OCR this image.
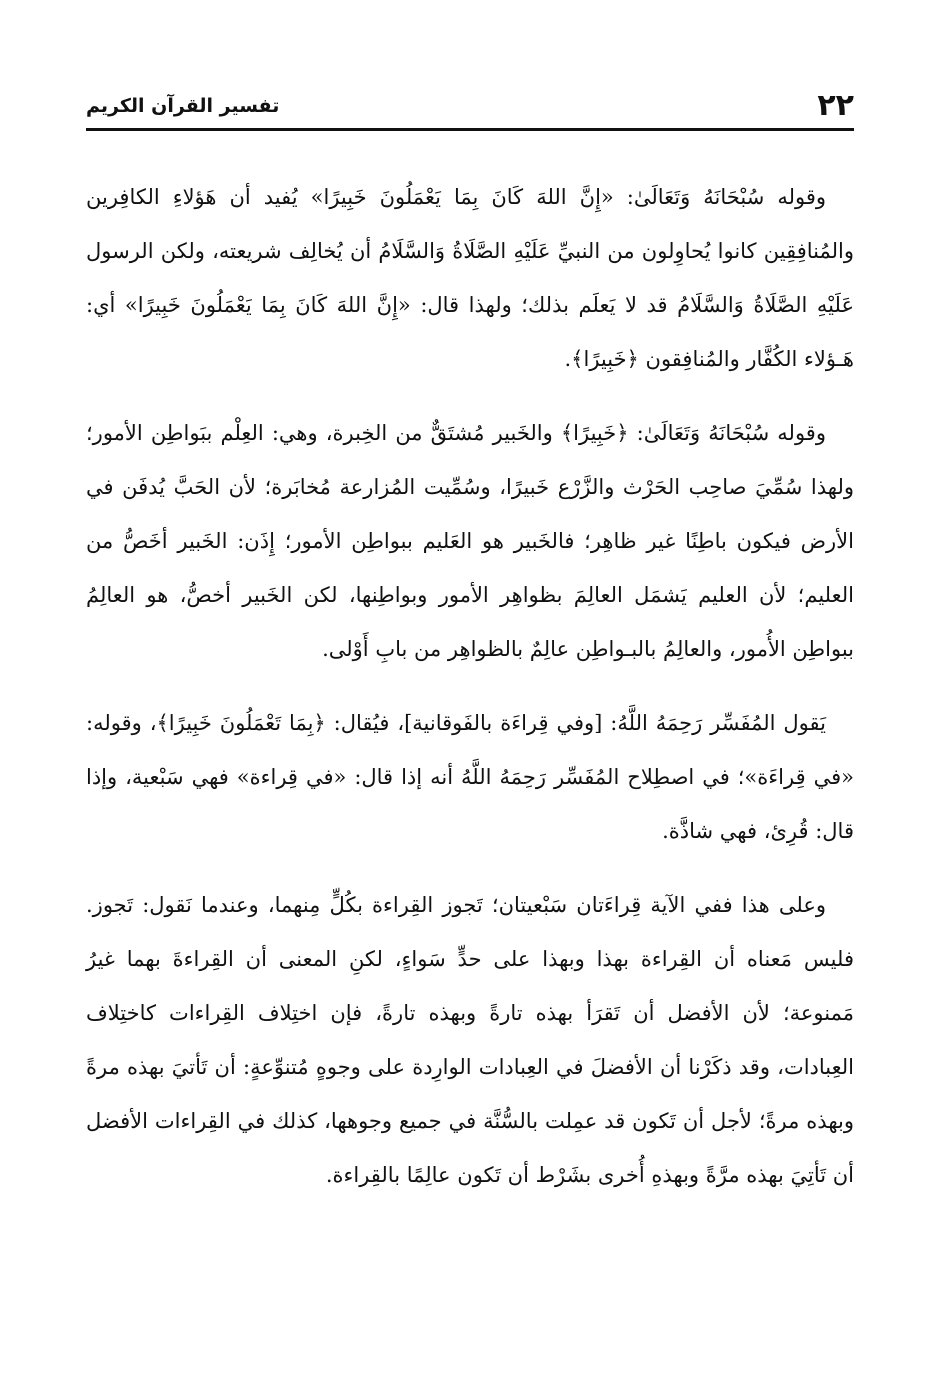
٢٢
تفسير القرآن الكريم

وقوله سُبْحَانَهُ وَتَعَالَىٰ: «إِنَّ اللهَ كَانَ بِمَا يَعْمَلُونَ خَبِيرًا» يُفيد أن هَؤلاءِ الكافِرين والمُنافِقِين كانوا يُحاوِلون من النبيِّ عَلَيْهِ الصَّلَاةُ وَالسَّلَامُ أن يُخالِف شريعته، ولكن الرسول عَلَيْهِ الصَّلَاةُ وَالسَّلَامُ قد لا يَعلَم بذلك؛ ولهذا قال: «إِنَّ اللهَ كَانَ بِمَا يَعْمَلُونَ خَبِيرًا» أي: هَـؤلاء الكُفَّار والمُنافِقون ﴿خَبِيرًا﴾.

وقوله سُبْحَانَهُ وَتَعَالَىٰ: ﴿خَبِيرًا﴾ والخَبير مُشتَقٌّ من الخِبرة، وهي: العِلْم ببَواطِن الأمور؛ ولهذا سُمِّيَ صاحِب الحَرْث والزَّرْع خَبيرًا، وسُمِّيت المُزارعة مُخابَرة؛ لأن الحَبَّ يُدفَن في الأرض فيكون باطِنًا غير ظاهِر؛ فالخَبير هو العَليم ببواطِن الأمور؛ إِذَن: الخَبير أخَصُّ من العليم؛ لأن العليم يَشمَل العالِمَ بظواهِر الأمور وبواطِنها، لكن الخَبير أخصُّ، هو العالِمُ ببواطِن الأُمور، والعالِمُ بالبـواطِن عالِمٌ بالظواهِر من بابِ أَوْلى.

يَقول المُفَسِّر رَحِمَهُ اللَّهُ: [وفي قِراءَة بالفَوقانية]، فيُقال: ﴿بِمَا تَعْمَلُونَ خَبِيرًا﴾، وقوله: «في قِراءَة»؛ في اصطِلاح المُفَسِّر رَحِمَهُ اللَّهُ أنه إذا قال: «في قِراءة» فهي سَبْعية، وإذا قال: قُرِئ، فهي شاذَّة.

وعلى هذا ففي الآية قِراءَتان سَبْعيتان؛ تَجوز القِراءة بكُلٍّ مِنهما، وعندما نَقول: تَجوز. فليس مَعناه أن القِراءة بهذا وبهذا على حدٍّ سَواءٍ، لكنِ المعنى أن القِراءةَ بهما غيرُ مَمنوعة؛ لأن الأفضل أن تَقرَأ بهذه تارةً وبهذه تارةً، فإن اختِلاف القِراءات كاختِلاف العِبادات، وقد ذكَرْنا أن الأفضلَ في العِبادات الوارِدة على وجوهٍ مُتنوِّعةٍ: أن تَأتيَ بهذه مرةً وبهذه مرةً؛ لأجل أن تَكون قد عمِلت بالسُّنَّة في جميع وجوهها، كذلك في القِراءات الأفضل أن تَأتِيَ بهذه مرَّةً وبهذهِ أُخرى بشَرْط أن تَكون عالِمًا بالقِراءة.
